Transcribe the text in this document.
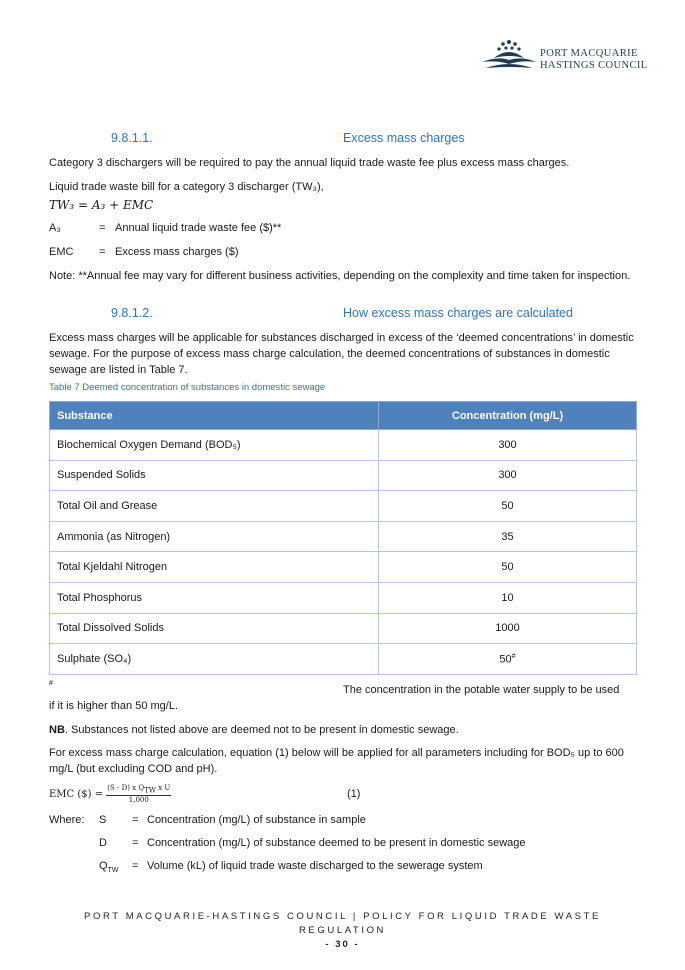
PORT MACQUARIE
HASTINGS COUNCIL
9.8.1.1.	Excess mass charges
Category 3 dischargers will be required to pay the annual liquid trade waste fee plus excess mass charges.
Liquid trade waste bill for a category 3 discharger (TW₃),
TW₃ = A₃ + EMC
A₃	= Annual liquid trade waste fee ($)**
EMC = Excess mass charges ($)
Note: **Annual fee may vary for different business activities, depending on the complexity and time taken for inspection.
9.8.1.2.	How excess mass charges are calculated
Excess mass charges will be applicable for substances discharged in excess of the ‘deemed concentrations’ in domestic sewage. For the purpose of excess mass charge calculation, the deemed concentrations of substances in domestic sewage are listed in Table 7.
Table 7 Deemed concentration of substances in domestic sewage
Substance	Concentration (mg/L)
Biochemical Oxygen Demand (BOD₅)	300
Suspended Solids	300
Total Oil and Grease	50
Ammonia (as Nitrogen)	35
Total Kjeldahl Nitrogen	50
Total Phosphorus	10
Total Dissolved Solids	1000
Sulphate (SO₄)	50#
#
The concentration in the potable water supply to be used
if it is higher than 50 mg/L.
NB. Substances not listed above are deemed not to be present in domestic sewage.
For excess mass charge calculation, equation (1) below will be applied for all parameters including for BOD₅ up to 600 mg/L (but excluding COD and pH).
EMC ($) = $\frac{(S - D) x Q_{TW} x U}{1,000}$	(1)
Where: S = Concentration (mg/L) of substance in sample
D = Concentration (mg/L) of substance deemed to be present in domestic sewage
$Q_{TW}$ = Volume (kL) of liquid trade waste discharged to the sewerage system
PORT MACQUARIE-HASTINGS COUNCIL | POLICY FOR LIQUID TRADE WASTE
REGULATION
- 30 -
